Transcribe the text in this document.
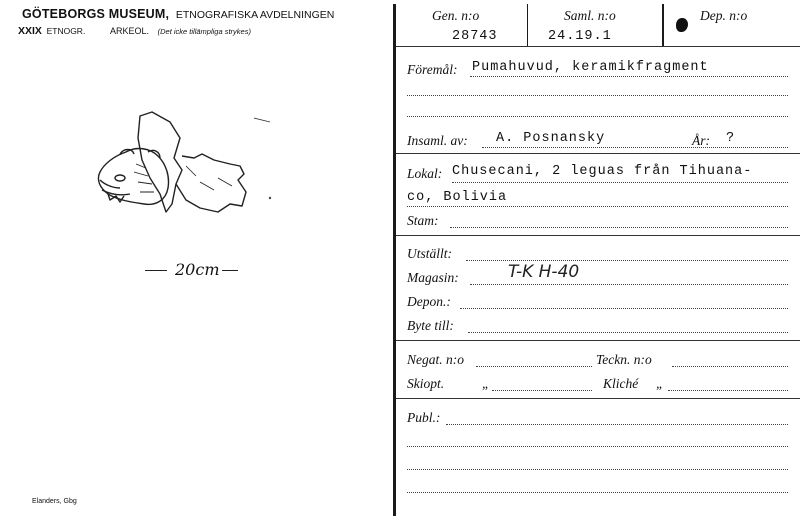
GÖTEBORGS MUSEUM, ETNOGRAFISKA AVDELNINGEN
XXIX ETNOGR.	ARKEOL. (Det icke tillämpliga strykes)
20cm
Elanders, Gbg
Gen. n:o
28743
Saml. n:o
24.19.1
Dep. n:o
Föremål: Pumahuvud, keramikfragment
Insaml. av: A. Posnansky	År: ?
Lokal: Chusecani, 2 leguas från Tihuana-
co, Bolivia
Stam:
Utställt:
Magasin:	T-K H-40
Depon.:
Byte till:
Negat. n:o	Teckn. n:o
Skiopt.	„	Kliché „
Publ.:
